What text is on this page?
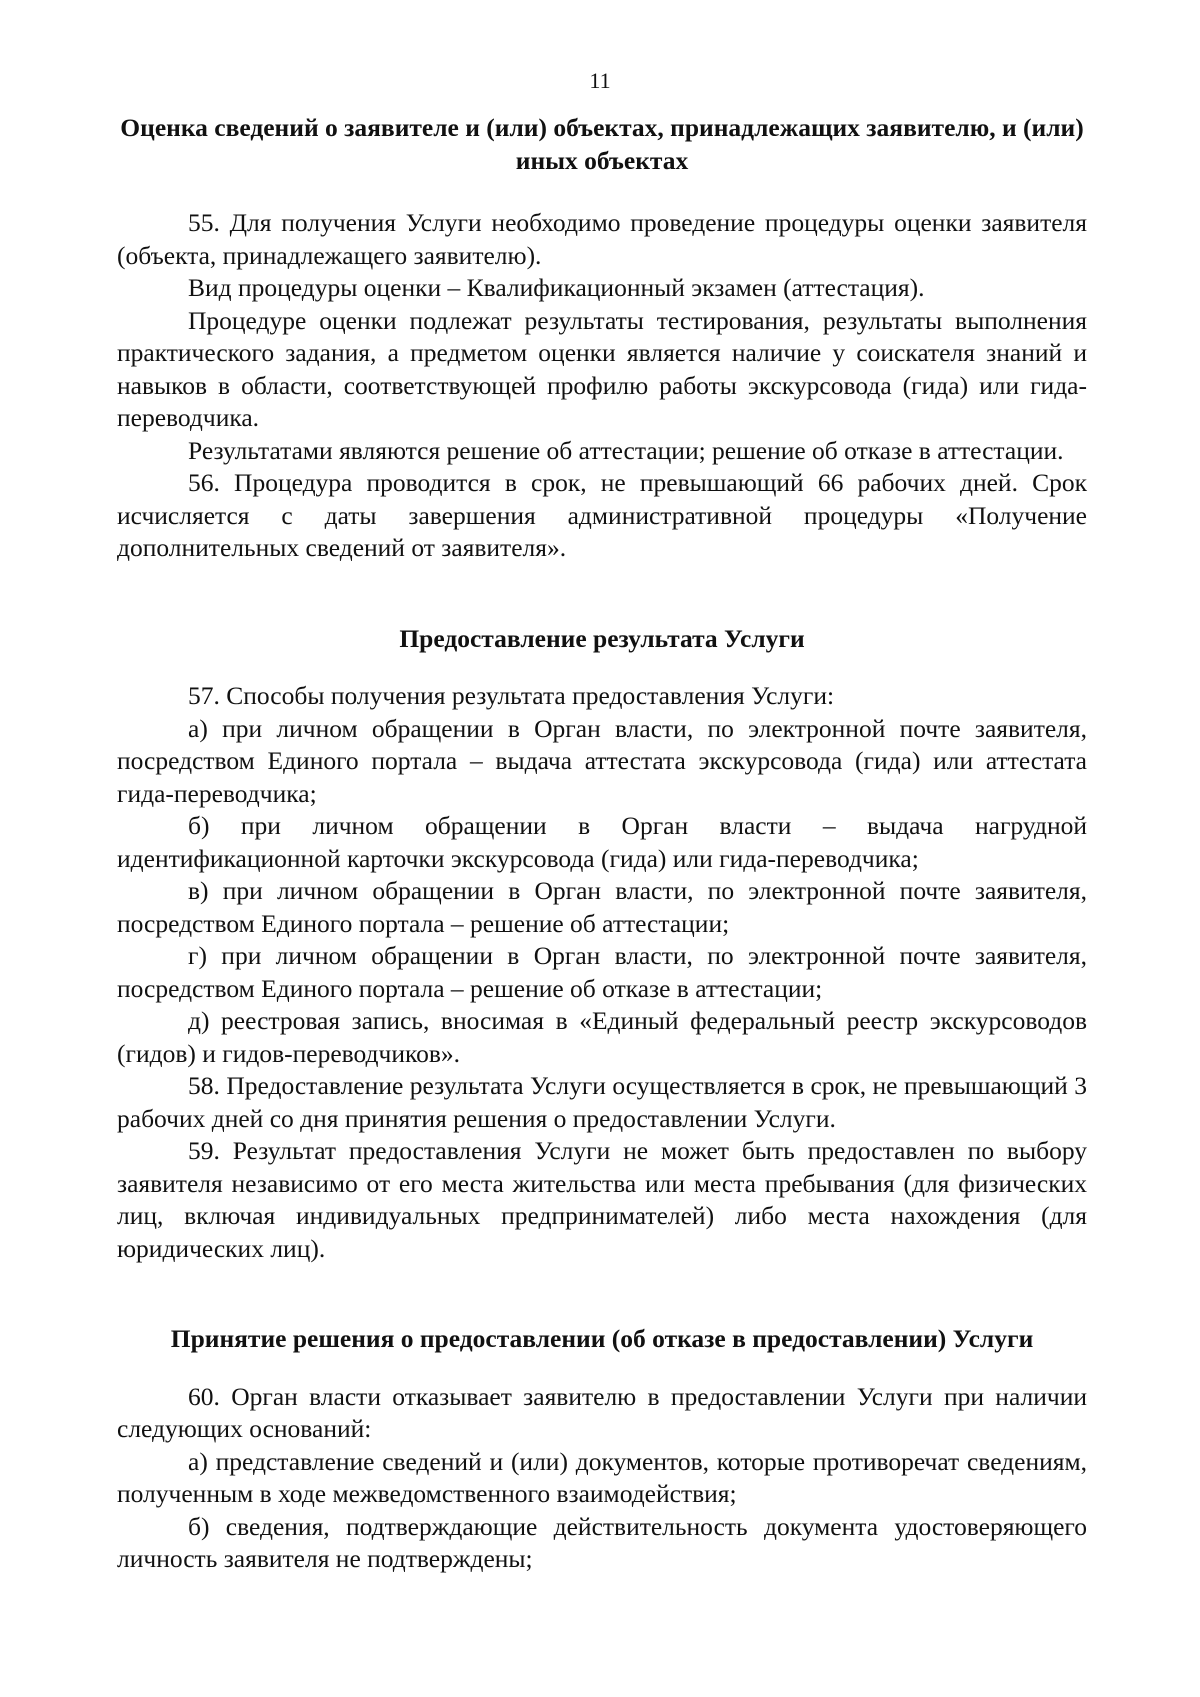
11
Оценка сведений о заявителе и (или) объектах, принадлежащих заявителю, и (или) иных объектах

55. Для получения Услуги необходимо проведение процедуры оценки заявителя (объекта, принадлежащего заявителю).

Вид процедуры оценки – Квалификационный экзамен (аттестация).

Процедуре оценки подлежат результаты тестирования, результаты выполнения практического задания, а предметом оценки является наличие у соискателя знаний и навыков в области, соответствующей профилю работы экскурсовода (гида) или гида-переводчика.

Результатами являются решение об аттестации; решение об отказе в аттестации.

56. Процедура проводится в срок, не превышающий 66 рабочих дней. Срок исчисляется с даты завершения административной процедуры «Получение дополнительных сведений от заявителя».

Предоставление результата Услуги

57. Способы получения результата предоставления Услуги:

а) при личном обращении в Орган власти, по электронной почте заявителя, посредством Единого портала – выдача аттестата экскурсовода (гида) или аттестата гида-переводчика;

б) при личном обращении в Орган власти – выдача нагрудной идентификационной карточки экскурсовода (гида) или гида-переводчика;

в) при личном обращении в Орган власти, по электронной почте заявителя, посредством Единого портала – решение об аттестации;

г) при личном обращении в Орган власти, по электронной почте заявителя, посредством Единого портала – решение об отказе в аттестации;

д) реестровая запись, вносимая в «Единый федеральный реестр экскурсоводов (гидов) и гидов-переводчиков».

58. Предоставление результата Услуги осуществляется в срок, не превышающий 3 рабочих дней со дня принятия решения о предоставлении Услуги.

59. Результат предоставления Услуги не может быть предоставлен по выбору заявителя независимо от его места жительства или места пребывания (для физических лиц, включая индивидуальных предпринимателей) либо места нахождения (для юридических лиц).

Принятие решения о предоставлении (об отказе в предоставлении) Услуги

60. Орган власти отказывает заявителю в предоставлении Услуги при наличии следующих оснований:

а) представление сведений и (или) документов, которые противоречат сведениям, полученным в ходе межведомственного взаимодействия;

б) сведения, подтверждающие действительность документа удостоверяющего личность заявителя не подтверждены;
